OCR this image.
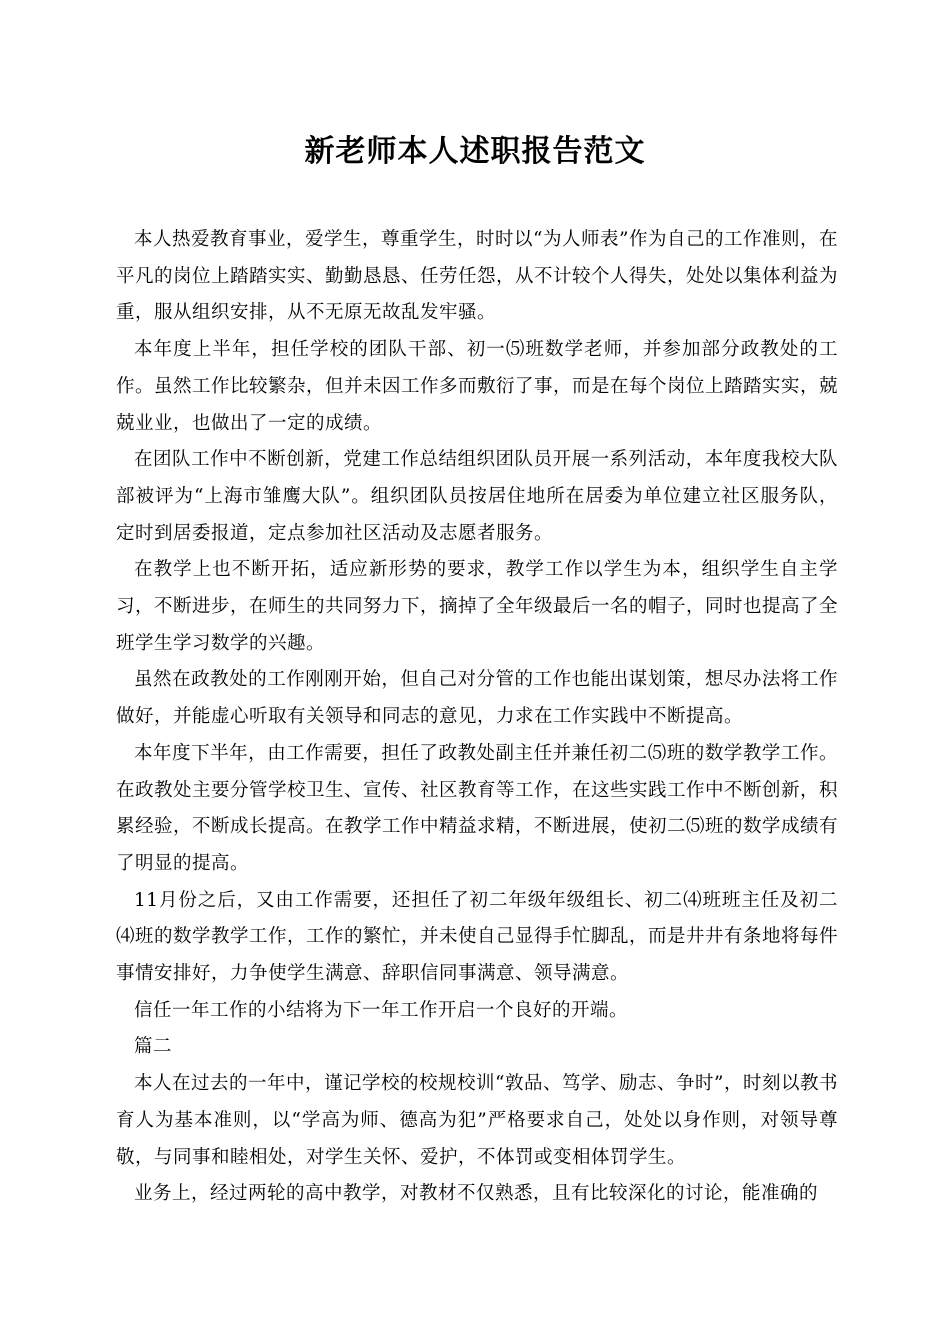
新老师本人述职报告范文

本人热爱教育事业，爱学生，尊重学生，时时以“为人师表”作为自己的工作准则，在平凡的岗位上踏踏实实、勤勤恳恳、任劳任怨，从不计较个人得失，处处以集体利益为重，服从组织安排，从不无原无故乱发牢骚。

本年度上半年，担任学校的团队干部、初一⑸班数学老师，并参加部分政教处的工作。虽然工作比较繁杂，但并未因工作多而敷衍了事，而是在每个岗位上踏踏实实，兢兢业业，也做出了一定的成绩。

在团队工作中不断创新，党建工作总结组织团队员开展一系列活动，本年度我校大队部被评为“上海市雏鹰大队”。组织团队员按居住地所在居委为单位建立社区服务队，定时到居委报道，定点参加社区活动及志愿者服务。

在教学上也不断开拓，适应新形势的要求，教学工作以学生为本，组织学生自主学习，不断进步，在师生的共同努力下，摘掉了全年级最后一名的帽子，同时也提高了全班学生学习数学的兴趣。

虽然在政教处的工作刚刚开始，但自己对分管的工作也能出谋划策，想尽办法将工作做好，并能虚心听取有关领导和同志的意见，力求在工作实践中不断提高。

本年度下半年，由工作需要，担任了政教处副主任并兼任初二⑸班的数学教学工作。在政教处主要分管学校卫生、宣传、社区教育等工作，在这些实践工作中不断创新，积累经验，不断成长提高。在教学工作中精益求精，不断进展，使初二⑸班的数学成绩有了明显的提高。

11月份之后，又由工作需要，还担任了初二年级年级组长、初二⑷班班主任及初二⑷班的数学教学工作，工作的繁忙，并未使自己显得手忙脚乱，而是井井有条地将每件事情安排好，力争使学生满意、辞职信同事满意、领导满意。

信任一年工作的小结将为下一年工作开启一个良好的开端。

篇二

本人在过去的一年中，谨记学校的校规校训“敦品、笃学、励志、争时”，时刻以教书育人为基本准则，以“学高为师、德高为犯”严格要求自己，处处以身作则，对领导尊敬，与同事和睦相处，对学生关怀、爱护，不体罚或变相体罚学生。

业务上，经过两轮的高中教学，对教材不仅熟悉，且有比较深化的讨论，能准确的
